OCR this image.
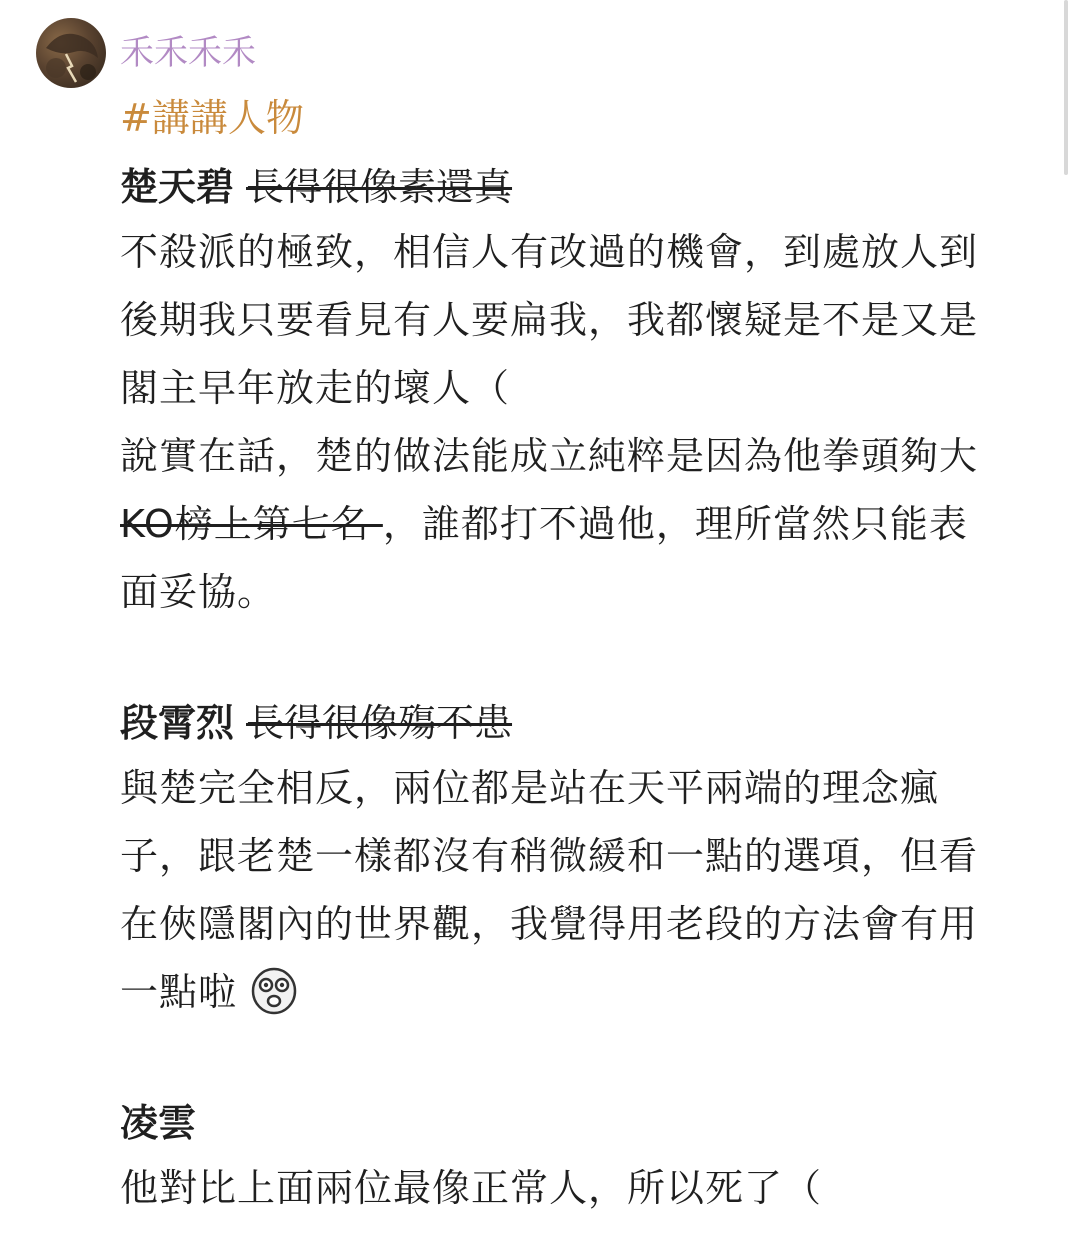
禾禾禾禾
#講講人物
楚天碧 長得很像素還真
不殺派的極致，相信人有改過的機會，到處放人到
後期我只要看見有人要扁我，我都懷疑是不是又是
閣主早年放走的壞人（
說實在話，楚的做法能成立純粹是因為他拳頭夠大
KO榜上第七名 ，誰都打不過他，理所當然只能表
面妥協。
段霄烈 長得很像殤不患
與楚完全相反，兩位都是站在天平兩端的理念瘋
子，跟老楚一樣都沒有稍微緩和一點的選項，但看
在俠隱閣內的世界觀，我覺得用老段的方法會有用
一點啦
凌雲
他對比上面兩位最像正常人，所以死了（
